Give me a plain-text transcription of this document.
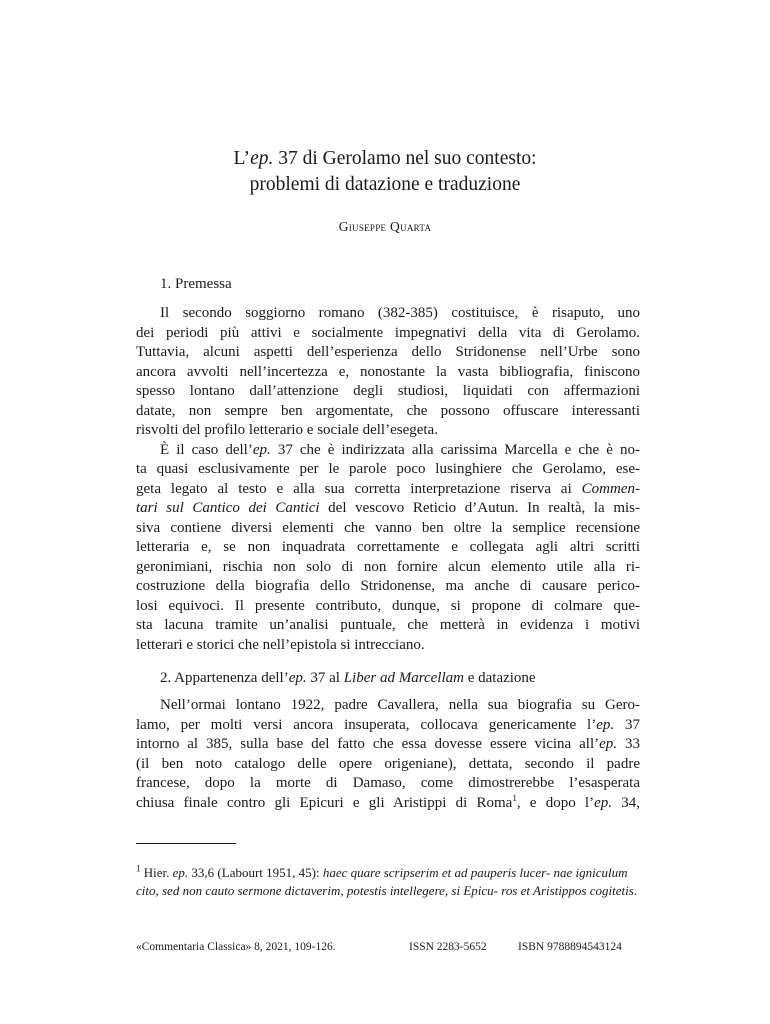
L’ep. 37 di Gerolamo nel suo contesto:
problemi di datazione e traduzione
Giuseppe Quarta
1. Premessa
Il secondo soggiorno romano (382-385) costituisce, è risaputo, uno
dei periodi più attivi e socialmente impegnativi della vita di Gerolamo.
Tuttavia, alcuni aspetti dell’esperienza dello Stridonense nell’Urbe sono
ancora avvolti nell’incertezza e, nonostante la vasta bibliografia, finiscono
spesso lontano dall’attenzione degli studiosi, liquidati con affermazioni
datate, non sempre ben argomentate, che possono offuscare interessanti
risvolti del profilo letterario e sociale dell’esegeta.
È il caso dell’ep. 37 che è indirizzata alla carissima Marcella e che è no-
ta quasi esclusivamente per le parole poco lusinghiere che Gerolamo, ese-
geta legato al testo e alla sua corretta interpretazione riserva ai Commen-
tari sul Cantico dei Cantici del vescovo Reticio d’Autun. In realtà, la mis-
siva contiene diversi elementi che vanno ben oltre la semplice recensione
letteraria e, se non inquadrata correttamente e collegata agli altri scritti
geronimiani, rischia non solo di non fornire alcun elemento utile alla ri-
costruzione della biografia dello Stridonense, ma anche di causare perico-
losi equivoci. Il presente contributo, dunque, si propone di colmare que-
sta lacuna tramite un’analisi puntuale, che metterà in evidenza i motivi
letterari e storici che nell’epistola si intrecciano.
2. Appartenenza dell’ep. 37 al Liber ad Marcellam e datazione
Nell’ormai lontano 1922, padre Cavallera, nella sua biografia su Gero-
lamo, per molti versi ancora insuperata, collocava genericamente l’ep. 37
intorno al 385, sulla base del fatto che essa dovesse essere vicina all’ep. 33
(il ben noto catalogo delle opere origeniane), dettata, secondo il padre
francese, dopo la morte di Damaso, come dimostrerebbe l’esasperata
chiusa finale contro gli Epicuri e gli Aristippi di Roma$^1$, e dopo l’ep. 34,
$^1$ Hier. ep. 33,6 (Labourt 1951, 45): haec quare scripserim et ad pauperis lucer- nae igniculum cito, sed non cauto sermone dictaverim, potestis intellegere, si Epicu- ros et Aristippos cogitetis.
«Commentaria Classica» 8, 2021, 109-126.	ISSN 2283-5652	ISBN 9788894543124
